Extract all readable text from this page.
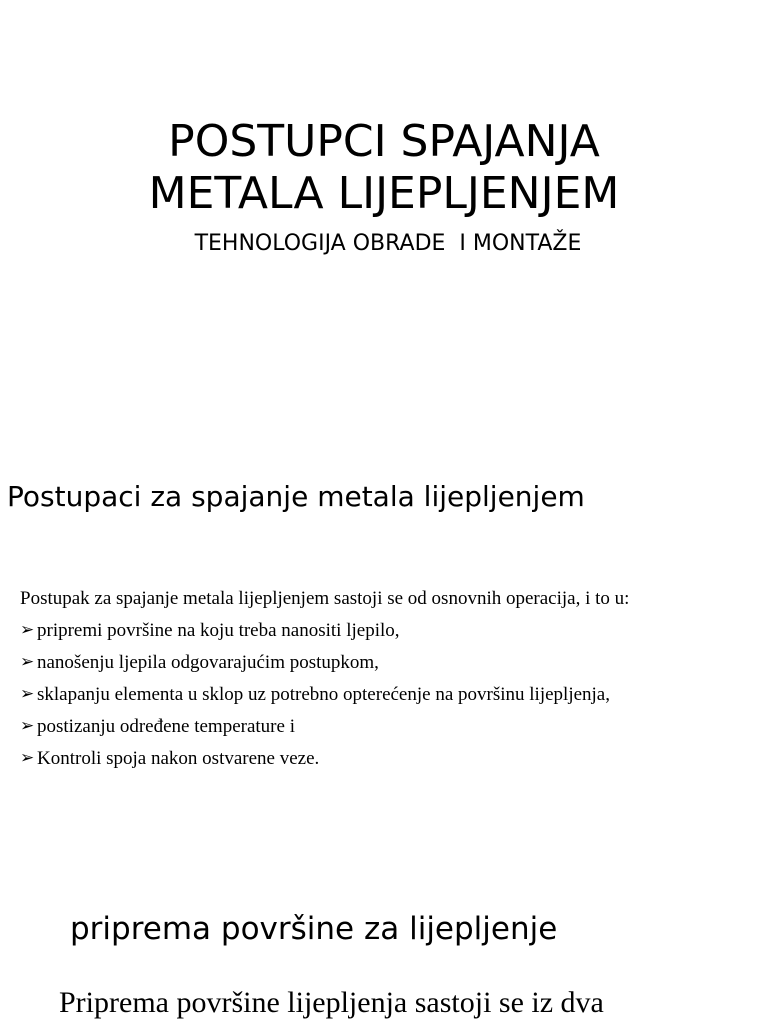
POSTUPCI SPAJANJA
METALA LIJEPLJENJEM

TEHNOLOGIJA OBRADE  I MONTAŽE

Postupaci za spajanje metala lijepljenjem

Postupak za spajanje metala lijepljenjem sastoji se od osnovnih operacija, i to u:

➢ pripremi površine na koju treba nanositi ljepilo,
➢ nanošenju ljepila odgovarajućim postupkom,
➢ sklapanju elementa u sklop uz potrebno opterećenje na površinu lijepljenja,
➢ postizanju određene temperature i
➢ Kontroli spoja nakon ostvarene veze.
priprema površine za lijepljenje

Priprema površine lijepljenja sastoji se iz dva
